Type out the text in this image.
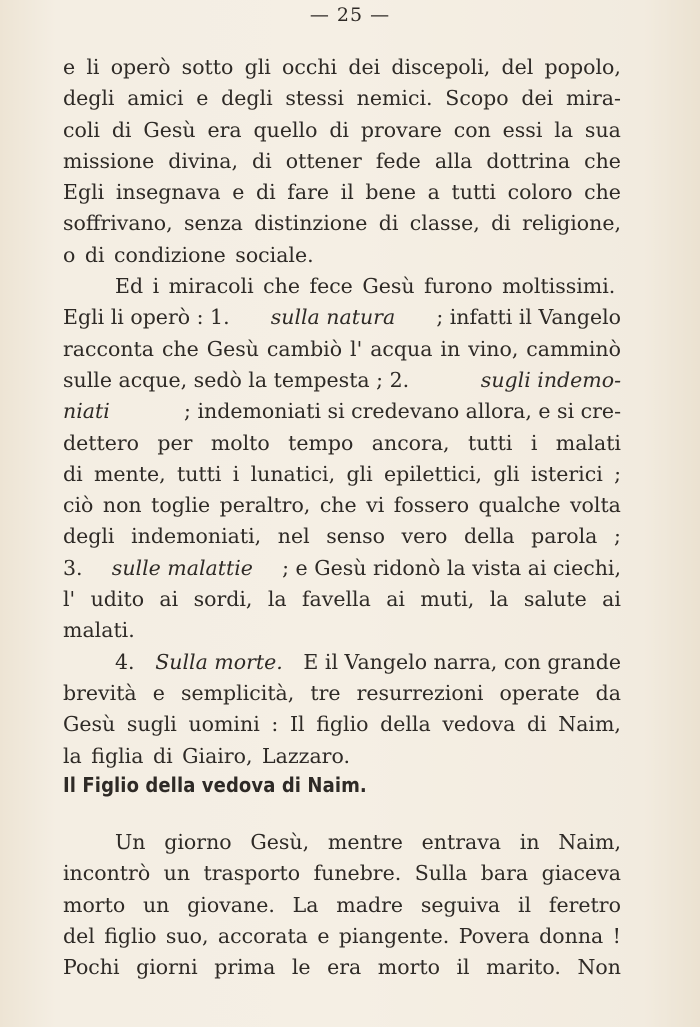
— 25 —
e li operò sotto gli occhi dei discepoli, del popolo,
degli amici e degli stessi nemici. Scopo dei mira-
coli di Gesù era quello di provare con essi la sua
missione divina, di ottener fede alla dottrina che
Egli insegnava e di fare il bene a tutti coloro che
soffrivano, senza distinzione di classe, di religione,
o di condizione sociale.
Ed i miracoli che fece Gesù furono moltissimi.
Egli li operò : 1. sulla natura ; infatti il Vangelo
racconta che Gesù cambiò l' acqua in vino, camminò
sulle acque, sedò la tempesta ; 2.	sugli indemo-
niati	; indemoniati si credevano allora, e si cre-
dettero per molto tempo ancora, tutti i malati
di mente, tutti i lunatici, gli epilettici, gli isterici ;
ciò non toglie peraltro, che vi fossero qualche volta
degli indemoniati, nel senso vero della parola ;
3. sulle malattie ; e Gesù ridonò la vista ai ciechi,
l' udito ai sordi, la favella ai muti, la salute ai
malati.
4. Sulla morte. E il Vangelo narra, con grande
brevità e semplicità, tre resurrezioni operate da
Gesù sugli uomini : Il figlio della vedova di Naim,
la figlia di Giairo, Lazzaro.
Il Figlio della vedova di Naim.
Un giorno Gesù, mentre entrava in Naim,
incontrò un trasporto funebre. Sulla bara giaceva
morto un giovane. La madre seguiva il feretro
del figlio suo, accorata e piangente. Povera donna !
Pochi giorni prima le era morto il marito. Non
